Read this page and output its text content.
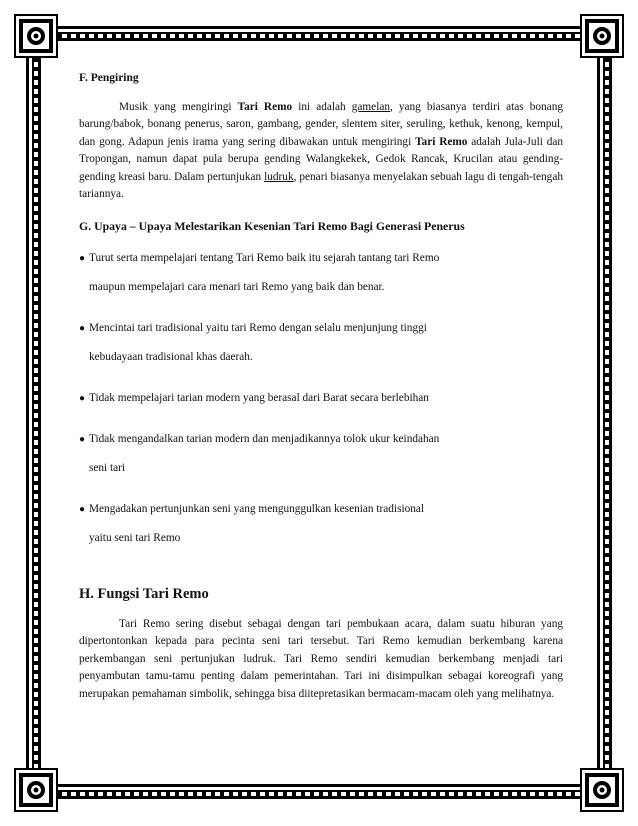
F. Pengiring

Musik yang mengiringi Tari Remo ini adalah gamelan, yang biasanya terdiri atas bonang barung/babok, bonang penerus, saron, gambang, gender, slentem siter, seruling, kethuk, kenong, kempul, dan gong. Adapun jenis irama yang sering dibawakan untuk mengiringi Tari Remo adalah Jula-Juli dan Tropongan, namun dapat pula berupa gending Walangkekek, Gedok Rancak, Krucilan atau gending-gending kreasi baru. Dalam pertunjukan ludruk, penari biasanya menyelakan sebuah lagu di tengah-tengah tariannya.

G. Upaya – Upaya Melestarikan Kesenian Tari Remo Bagi Generasi Penerus
● Turut serta mempelajari tentang Tari Remo baik itu sejarah tantang tari Remo
maupun mempelajari cara menari tari Remo yang baik dan benar.
● Mencintai tari tradisional yaitu tari Remo dengan selalu menjunjung tinggi
kebudayaan tradisional khas daerah.
● Tidak mempelajari tarian modern yang berasal dari Barat secara berlebihan
● Tidak mengandalkan tarian modern dan menjadikannya tolok ukur keindahan
seni tari
● Mengadakan pertunjunkan seni yang mengunggulkan kesenian tradisional
yaitu seni tari Remo
H. Fungsi Tari Remo

Tari Remo sering disebut sebagai dengan tari pembukaan acara, dalam suatu hiburan yang dipertontonkan kepada para pecinta seni tari tersebut. Tari Remo kemudian berkembang karena perkembangan seni pertunjukan ludruk. Tari Remo sendiri kemudian berkembang menjadi tari penyambutan tamu-tamu penting dalam pemerintahan. Tari ini disimpulkan sebagai koreografi yang merupakan pemahaman simbolik, sehingga bisa diitepretasikan bermacam-macam oleh yang melihatnya.
